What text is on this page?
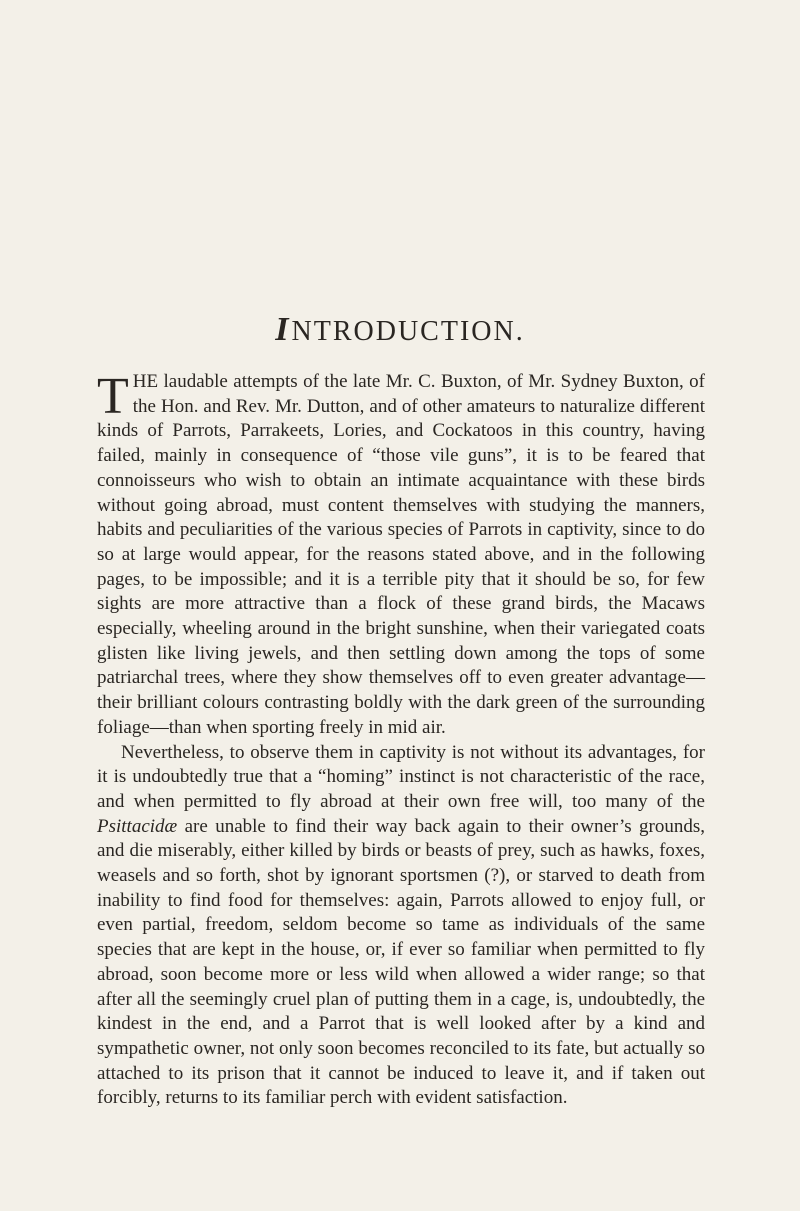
INTRODUCTION.

THE laudable attempts of the late Mr. C. Buxton, of Mr. Sydney Buxton, of the Hon. and Rev. Mr. Dutton, and of other amateurs to naturalize different kinds of Parrots, Parrakeets, Lories, and Cockatoos in this country, having failed, mainly in consequence of “those vile guns”, it is to be feared that connoisseurs who wish to obtain an intimate acquaintance with these birds without going abroad, must content themselves with studying the manners, habits and peculiarities of the various species of Parrots in captivity, since to do so at large would appear, for the reasons stated above, and in the following pages, to be impossible; and it is a terrible pity that it should be so, for few sights are more attractive than a flock of these grand birds, the Macaws especially, wheeling around in the bright sunshine, when their variegated coats glisten like living jewels, and then settling down among the tops of some patriarchal trees, where they show themselves off to even greater advantage—their brilliant colours contrasting boldly with the dark green of the surrounding foliage—than when sporting freely in mid air.

Nevertheless, to observe them in captivity is not without its advantages, for it is undoubtedly true that a “homing” instinct is not characteristic of the race, and when permitted to fly abroad at their own free will, too many of the Psittacidæ are unable to find their way back again to their owner’s grounds, and die miserably, either killed by birds or beasts of prey, such as hawks, foxes, weasels and so forth, shot by ignorant sportsmen (?), or starved to death from inability to find food for themselves: again, Parrots allowed to enjoy full, or even partial, freedom, seldom become so tame as individuals of the same species that are kept in the house, or, if ever so familiar when permitted to fly abroad, soon become more or less wild when allowed a wider range; so that after all the seemingly cruel plan of putting them in a cage, is, undoubtedly, the kindest in the end, and a Parrot that is well looked after by a kind and sympathetic owner, not only soon becomes reconciled to its fate, but actually so attached to its prison that it cannot be induced to leave it, and if taken out forcibly, returns to its familiar perch with evident satisfaction.
